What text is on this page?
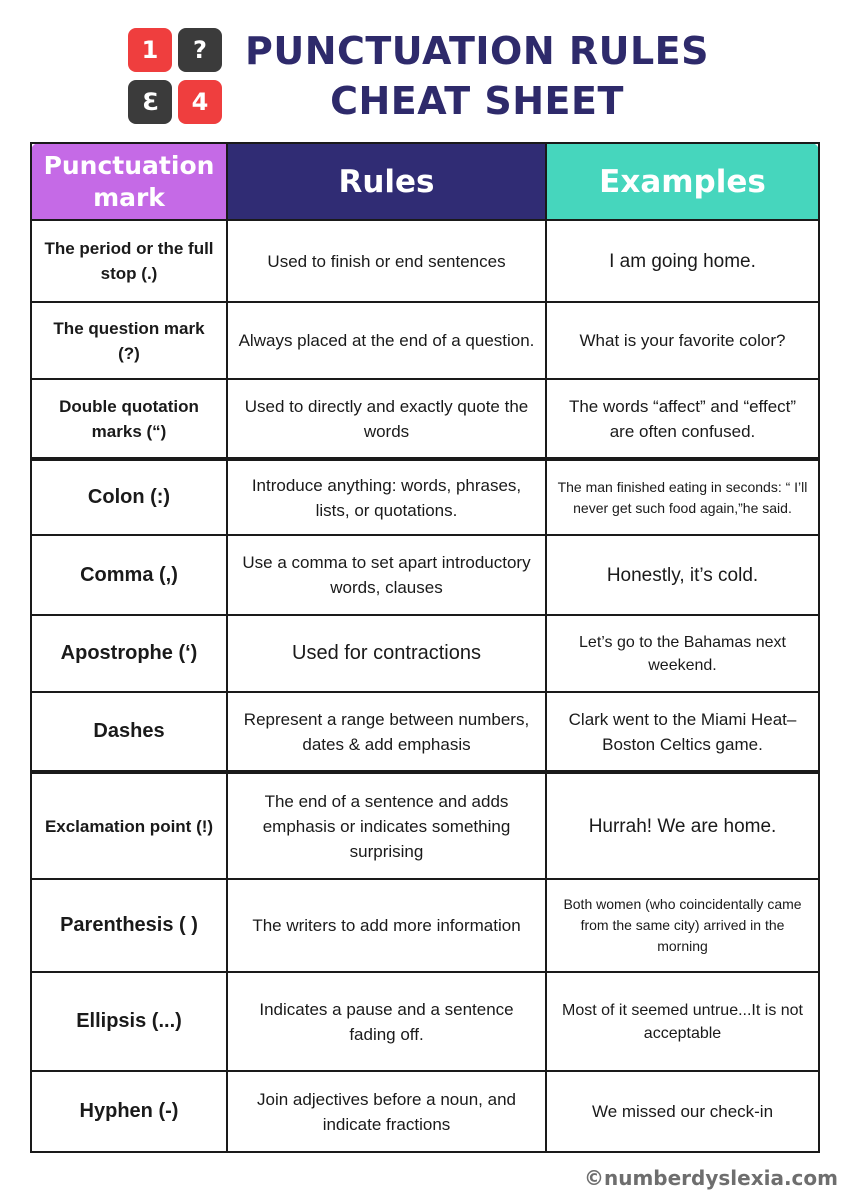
1	?
3	4
PUNCTUATION RULES
CHEAT SHEET
Punctuation mark	Rules	Examples
The period or the full stop (.)	Used to finish or end sentences	I am going home.
The question mark (?)	Always placed at the end of a question.	What is your favorite color?
Double quotation marks (“)	Used to directly and exactly quote the words	The words “affect” and “effect” are often confused.
Colon (:)	Introduce anything: words, phrases, lists, or quotations.	The man finished eating in seconds: “ I’ll never get such food again,”he said.
Comma (,)	Use a comma to set apart introductory words, clauses	Honestly, it’s cold.
Apostrophe (‘)	Used for contractions	Let’s go to the Bahamas next weekend.
Dashes	Represent a range between numbers, dates & add emphasis	Clark went to the Miami Heat–Boston Celtics game.
Exclamation point (!)	The end of a sentence and adds emphasis or indicates something surprising	Hurrah! We are home.
Parenthesis ( )	The writers to add more information	Both women (who coincidentally came from the same city) arrived in the morning
Ellipsis (...)	Indicates a pause and a sentence fading off.	Most of it seemed untrue...It is not acceptable
Hyphen (-)	Join adjectives before a noun, and indicate fractions	We missed our check-in
©numberdyslexia.com
